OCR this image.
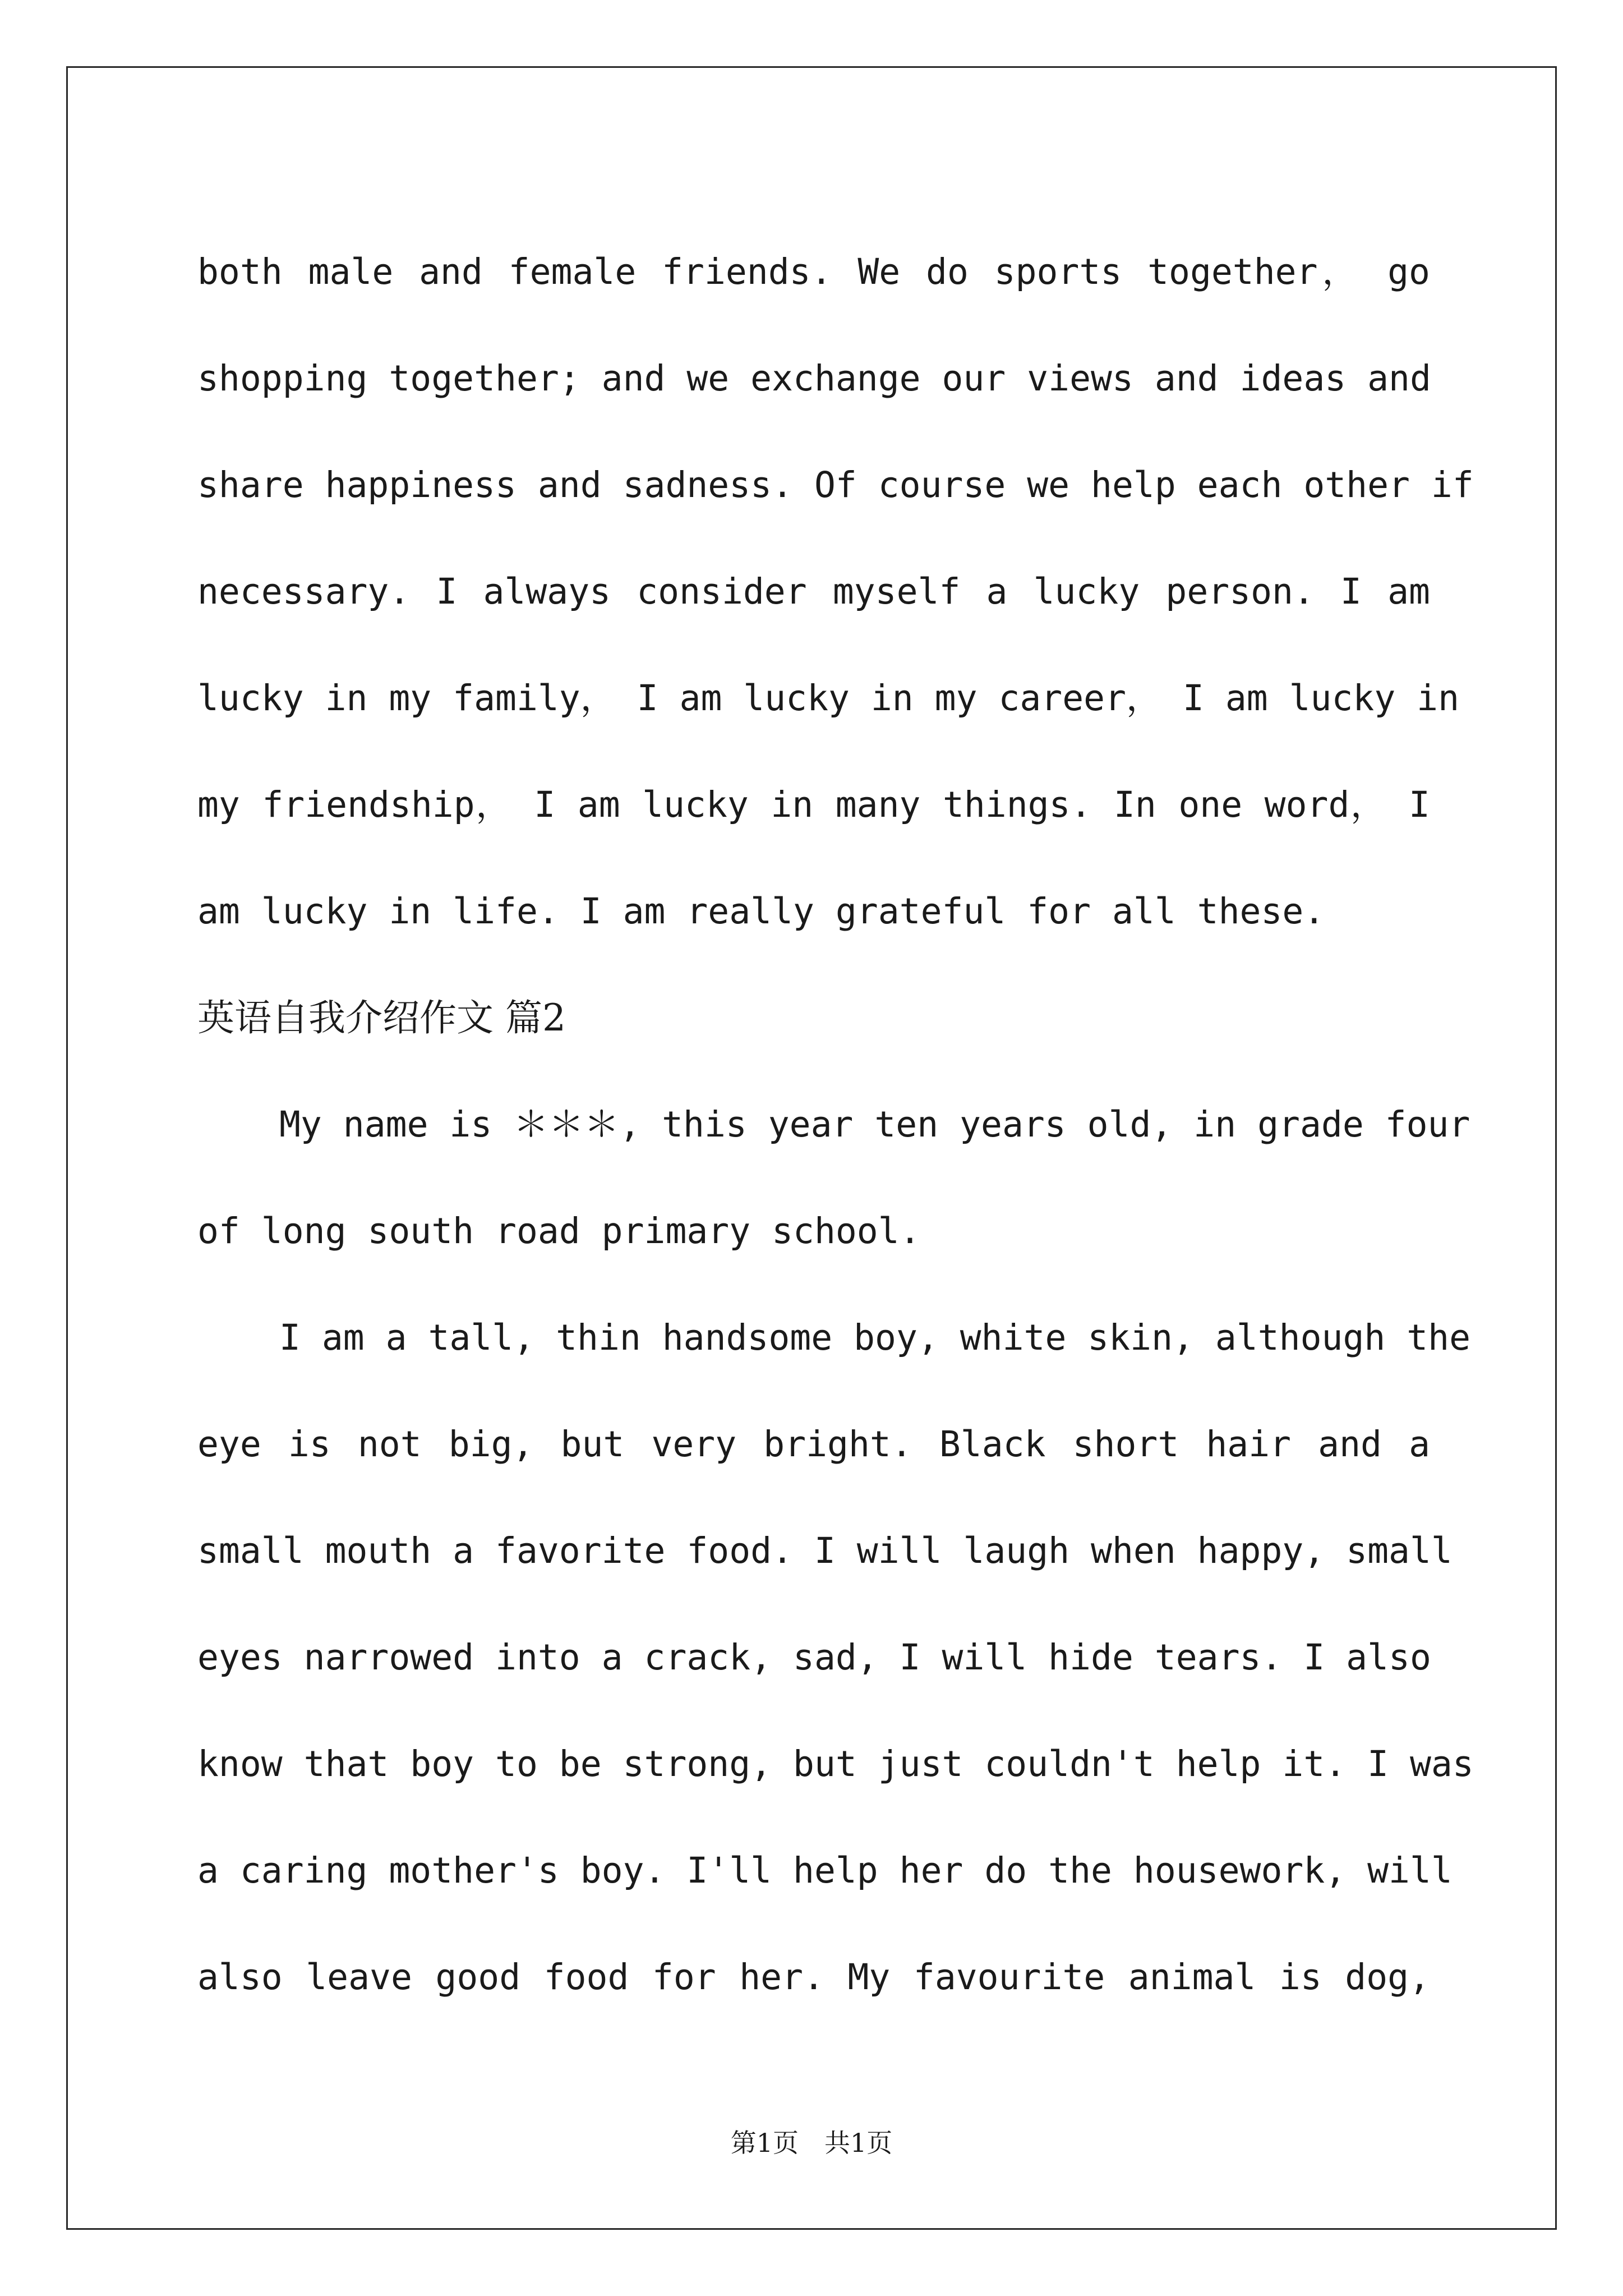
both male and female friends. We do sports together， go
shopping together; and we exchange our views and ideas and
share happiness and sadness. Of course we help each other if
necessary. I always consider myself a lucky person. I am
lucky in my family， I am lucky in my career， I am lucky in
my friendship， I am lucky in many things. In one word， I
am lucky in life. I am really grateful for all these.
英语自我介绍作文 篇2
My name is ＊＊＊, this year ten years old, in grade four
of long south road primary school.
I am a tall, thin handsome boy, white skin, although the
eye is not big, but very bright. Black short hair and a
small mouth a favorite food. I will laugh when happy, small
eyes narrowed into a crack, sad, I will hide tears. I also
know that boy to be strong, but just couldn't help it. I was
a caring mother's boy. I'll help her do the housework, will
also leave good food for her. My favourite animal is dog,
第1页　共1页
